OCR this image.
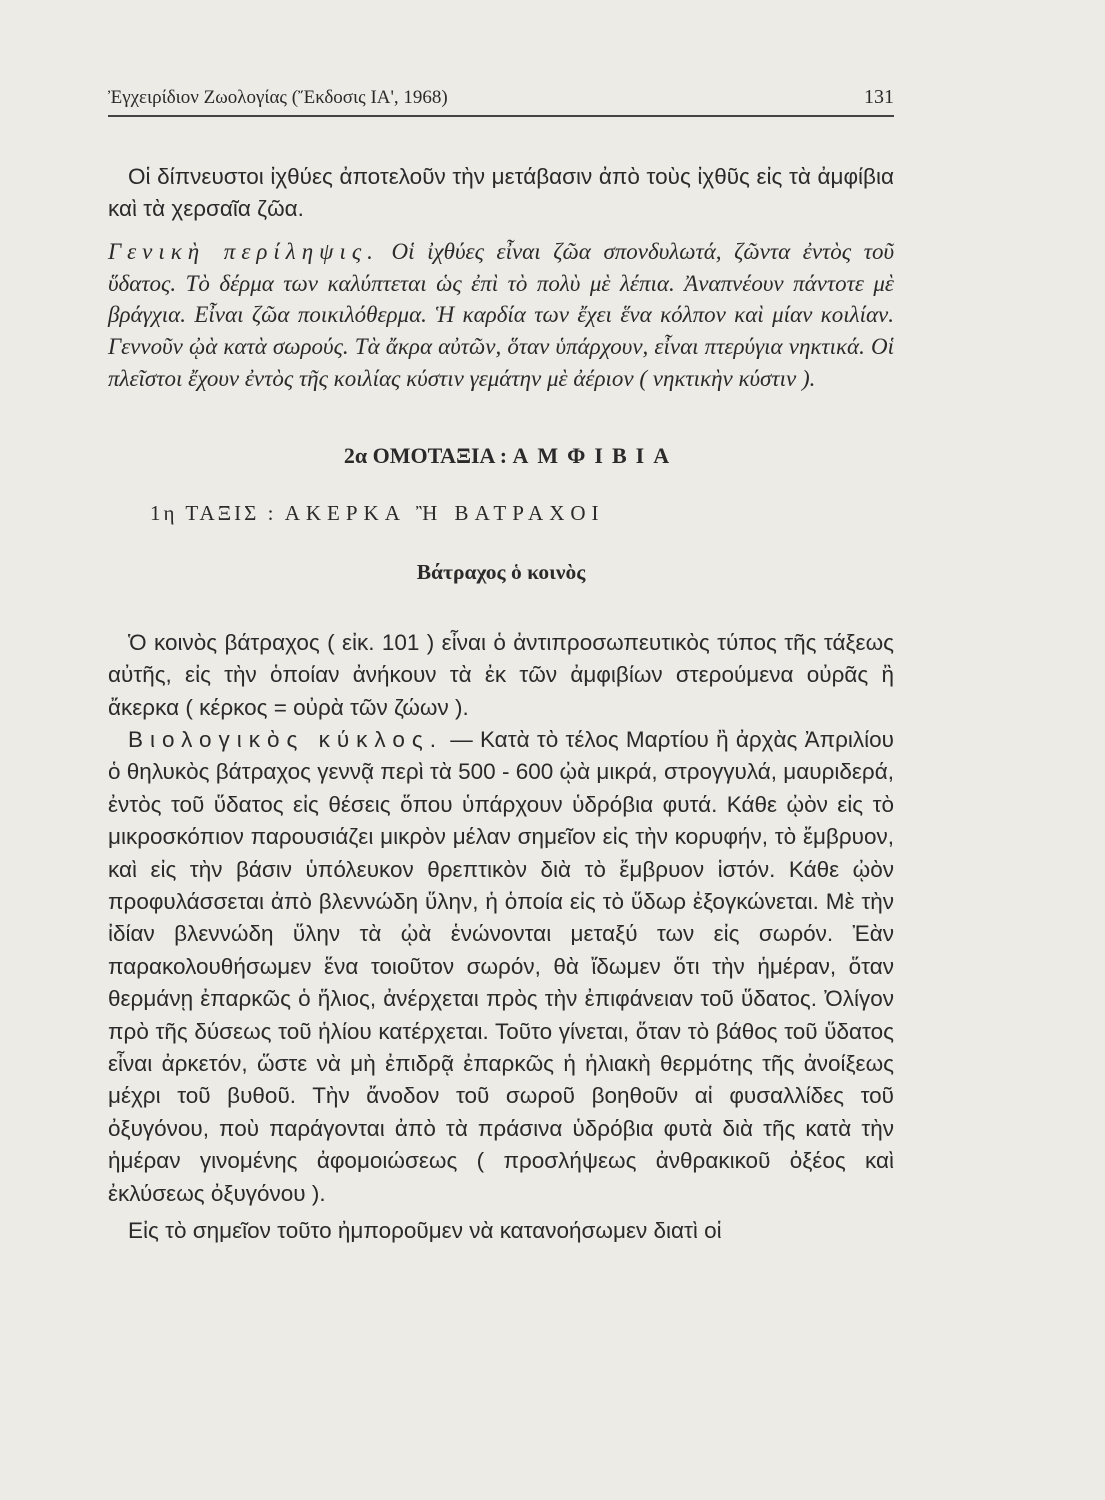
Ἐγχειρίδιον Ζωολογίας (Ἔκδοσις ΙΑ', 1968)	131

Οἱ δίπνευστοι ἰχθύες ἀποτελοῦν τὴν μετάβασιν ἀπὸ τοὺς ἰχθῦς εἰς τὰ ἀμφίβια καὶ τὰ χερσαῖα ζῶα.

Γενικὴ περίληψις. Οἱ ἰχθύες εἶναι ζῶα σπονδυλωτά, ζῶντα ἐντὸς τοῦ ὕδατος. Τὸ δέρμα των καλύπτεται ὡς ἐπὶ τὸ πολὺ μὲ λέπια. Ἀναπνέουν πάντοτε μὲ βράγχια. Εἶναι ζῶα ποικιλόθερμα. Ἡ καρδία των ἔχει ἕνα κόλπον καὶ μίαν κοιλίαν. Γεννοῦν ᾠὰ κατὰ σωρούς. Τὰ ἄκρα αὐτῶν, ὅταν ὑπάρχουν, εἶναι πτερύγια νηκτικά. Οἱ πλεῖστοι ἔχουν ἐντὸς τῆς κοιλίας κύστιν γεμάτην μὲ ἀέριον ( νηκτικὴν κύστιν ).

2α ΟΜΟΤΑΞΙΑ : ΑΜΦΙΒΙΑ
1η ΤΑΞΙΣ : ΑΚΕΡΚΑ Ἢ ΒΑΤΡΑΧΟΙ
Βάτραχος ὁ κοινὸς

Ὁ κοινὸς βάτραχος ( εἰκ. 101 ) εἶναι ὁ ἀντιπροσωπευτικὸς τύπος τῆς τάξεως αὐτῆς, εἰς τὴν ὁποίαν ἀνήκουν τὰ ἐκ τῶν ἀμφιβίων στερούμενα οὐρᾶς ἢ ἄκερκα ( κέρκος = οὐρὰ τῶν ζώων ).

Βιολογικὸς κύκλος. — Κατὰ τὸ τέλος Μαρτίου ἢ ἀρχὰς Ἀπριλίου ὁ θηλυκὸς βάτραχος γεννᾷ περὶ τὰ 500 - 600 ᾠὰ μικρά, στρογγυλά, μαυριδερά, ἐντὸς τοῦ ὕδατος εἰς θέσεις ὅπου ὑπάρχουν ὑδρόβια φυτά. Κάθε ᾠὸν εἰς τὸ μικροσκόπιον παρουσιάζει μικρὸν μέλαν σημεῖον εἰς τὴν κορυφήν, τὸ ἔμβρυον, καὶ εἰς τὴν βάσιν ὑπόλευκον θρεπτικὸν διὰ τὸ ἔμβρυον ἱστόν. Κάθε ᾠὸν προφυλάσσεται ἀπὸ βλεννώδη ὕλην, ἡ ὁποία εἰς τὸ ὕδωρ ἐξογκώνεται. Μὲ τὴν ἰδίαν βλεννώδη ὕλην τὰ ᾠὰ ἑνώνονται μεταξύ των εἰς σωρόν. Ἐὰν παρακολουθήσωμεν ἕνα τοιοῦτον σωρόν, θὰ ἴδωμεν ὅτι τὴν ἡμέραν, ὅταν θερμάνῃ ἐπαρκῶς ὁ ἥλιος, ἀνέρχεται πρὸς τὴν ἐπιφάνειαν τοῦ ὕδατος. Ὀλίγον πρὸ τῆς δύσεως τοῦ ἡλίου κατέρχεται. Τοῦτο γίνεται, ὅταν τὸ βάθος τοῦ ὕδατος εἶναι ἀρκετόν, ὥστε νὰ μὴ ἐπιδρᾷ ἐπαρκῶς ἡ ἡλιακὴ θερμότης τῆς ἀνοίξεως μέχρι τοῦ βυθοῦ. Τὴν ἄνοδον τοῦ σωροῦ βοηθοῦν αἱ φυσαλλίδες τοῦ ὀξυγόνου, ποὺ παράγονται ἀπὸ τὰ πράσινα ὑδρόβια φυτὰ διὰ τῆς κατὰ τὴν ἡμέραν γινομένης ἀφομοιώσεως ( προσλήψεως ἀνθρακικοῦ ὀξέος καὶ ἐκλύσεως ὀξυγόνου ).

Εἰς τὸ σημεῖον τοῦτο ἠμποροῦμεν νὰ κατανοήσωμεν διατὶ οἱ
